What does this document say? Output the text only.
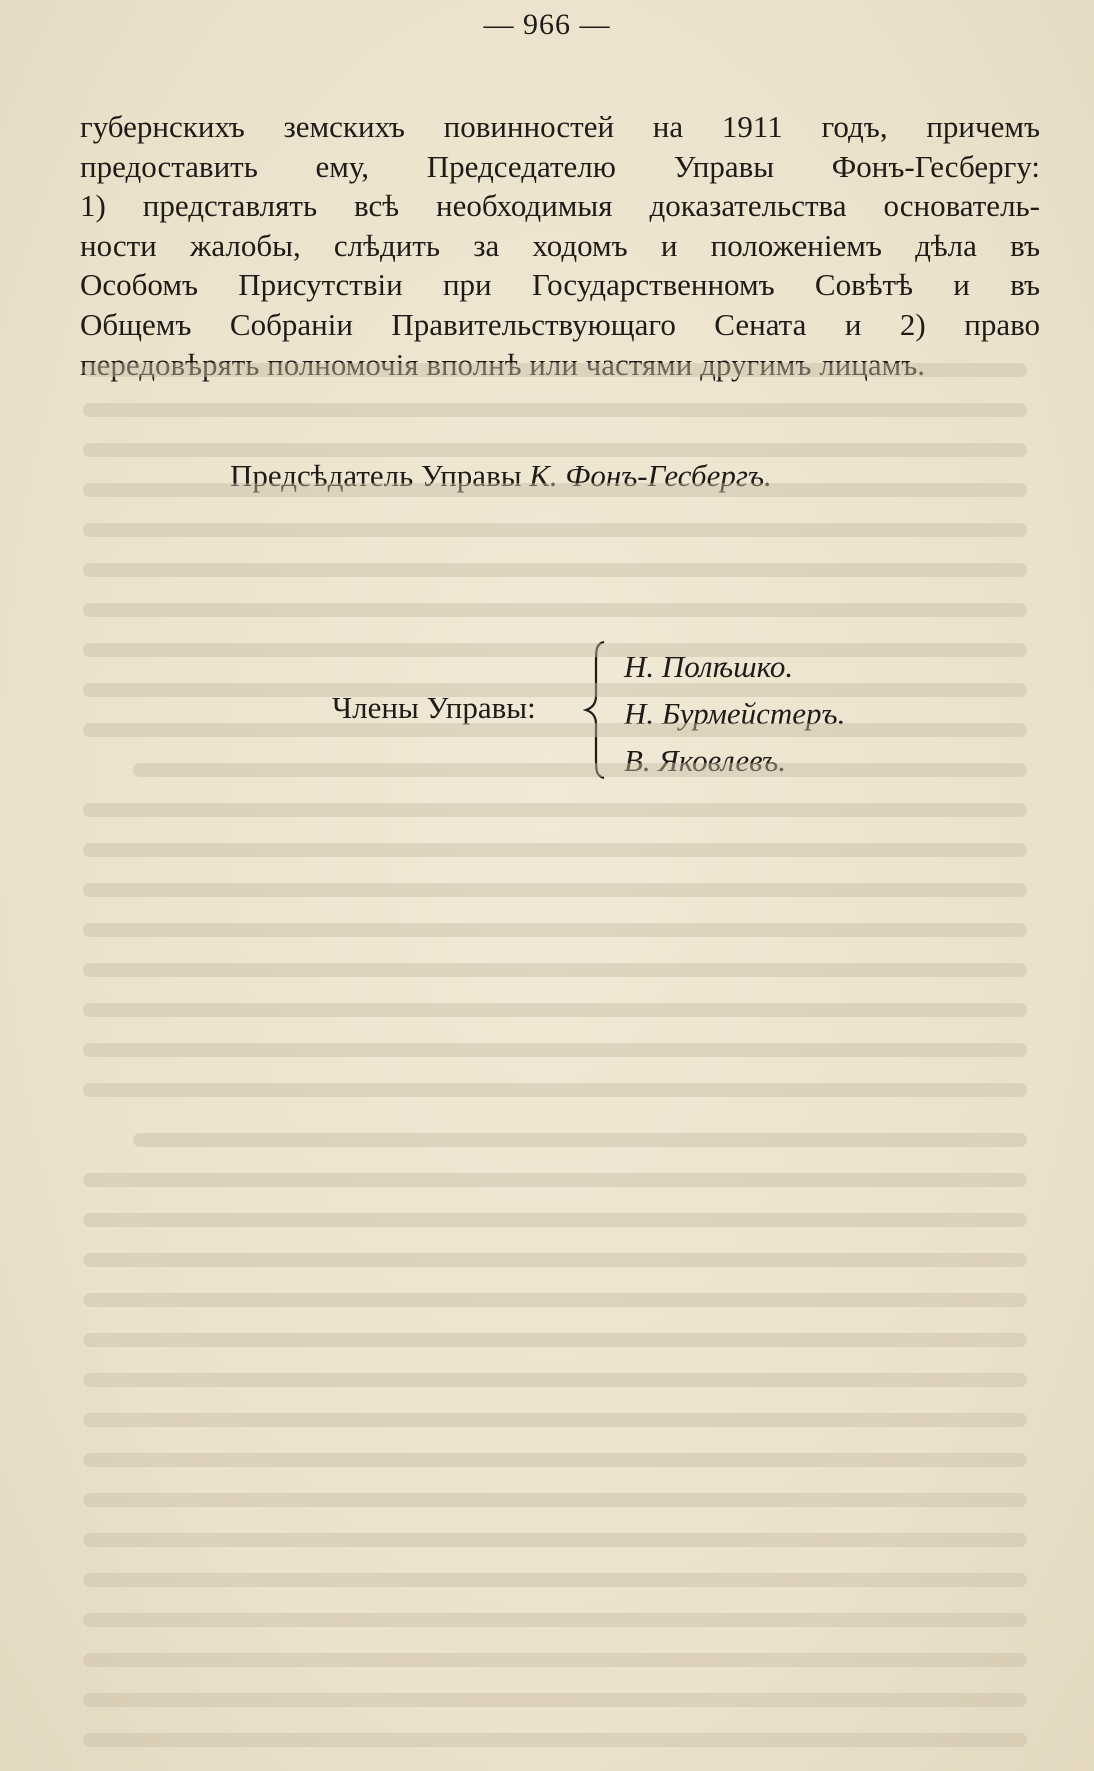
— 966 —
губернскихъ земскихъ повинностей на 1911 годъ, причемъ
предоставить ему, Председателю Управы Фонъ-Гесбергу:
1) представлять всѣ необходимыя доказательства основатель-
ности жалобы, слѣдить за ходомъ и положеніемъ дѣла въ
Особомъ Присутствіи при Государственномъ Совѣтѣ и въ
Общемъ Собраніи Правительствующаго Сената и 2) право
передовѣрять полномочія вполнѣ или частями другимъ лицамъ.
Предсѣдатель Управы К. Фонъ-Гесбергъ.
Члены Управы:
Н. Полѣшко.
Н. Бурмейстеръ.
В. Яковлевъ.
